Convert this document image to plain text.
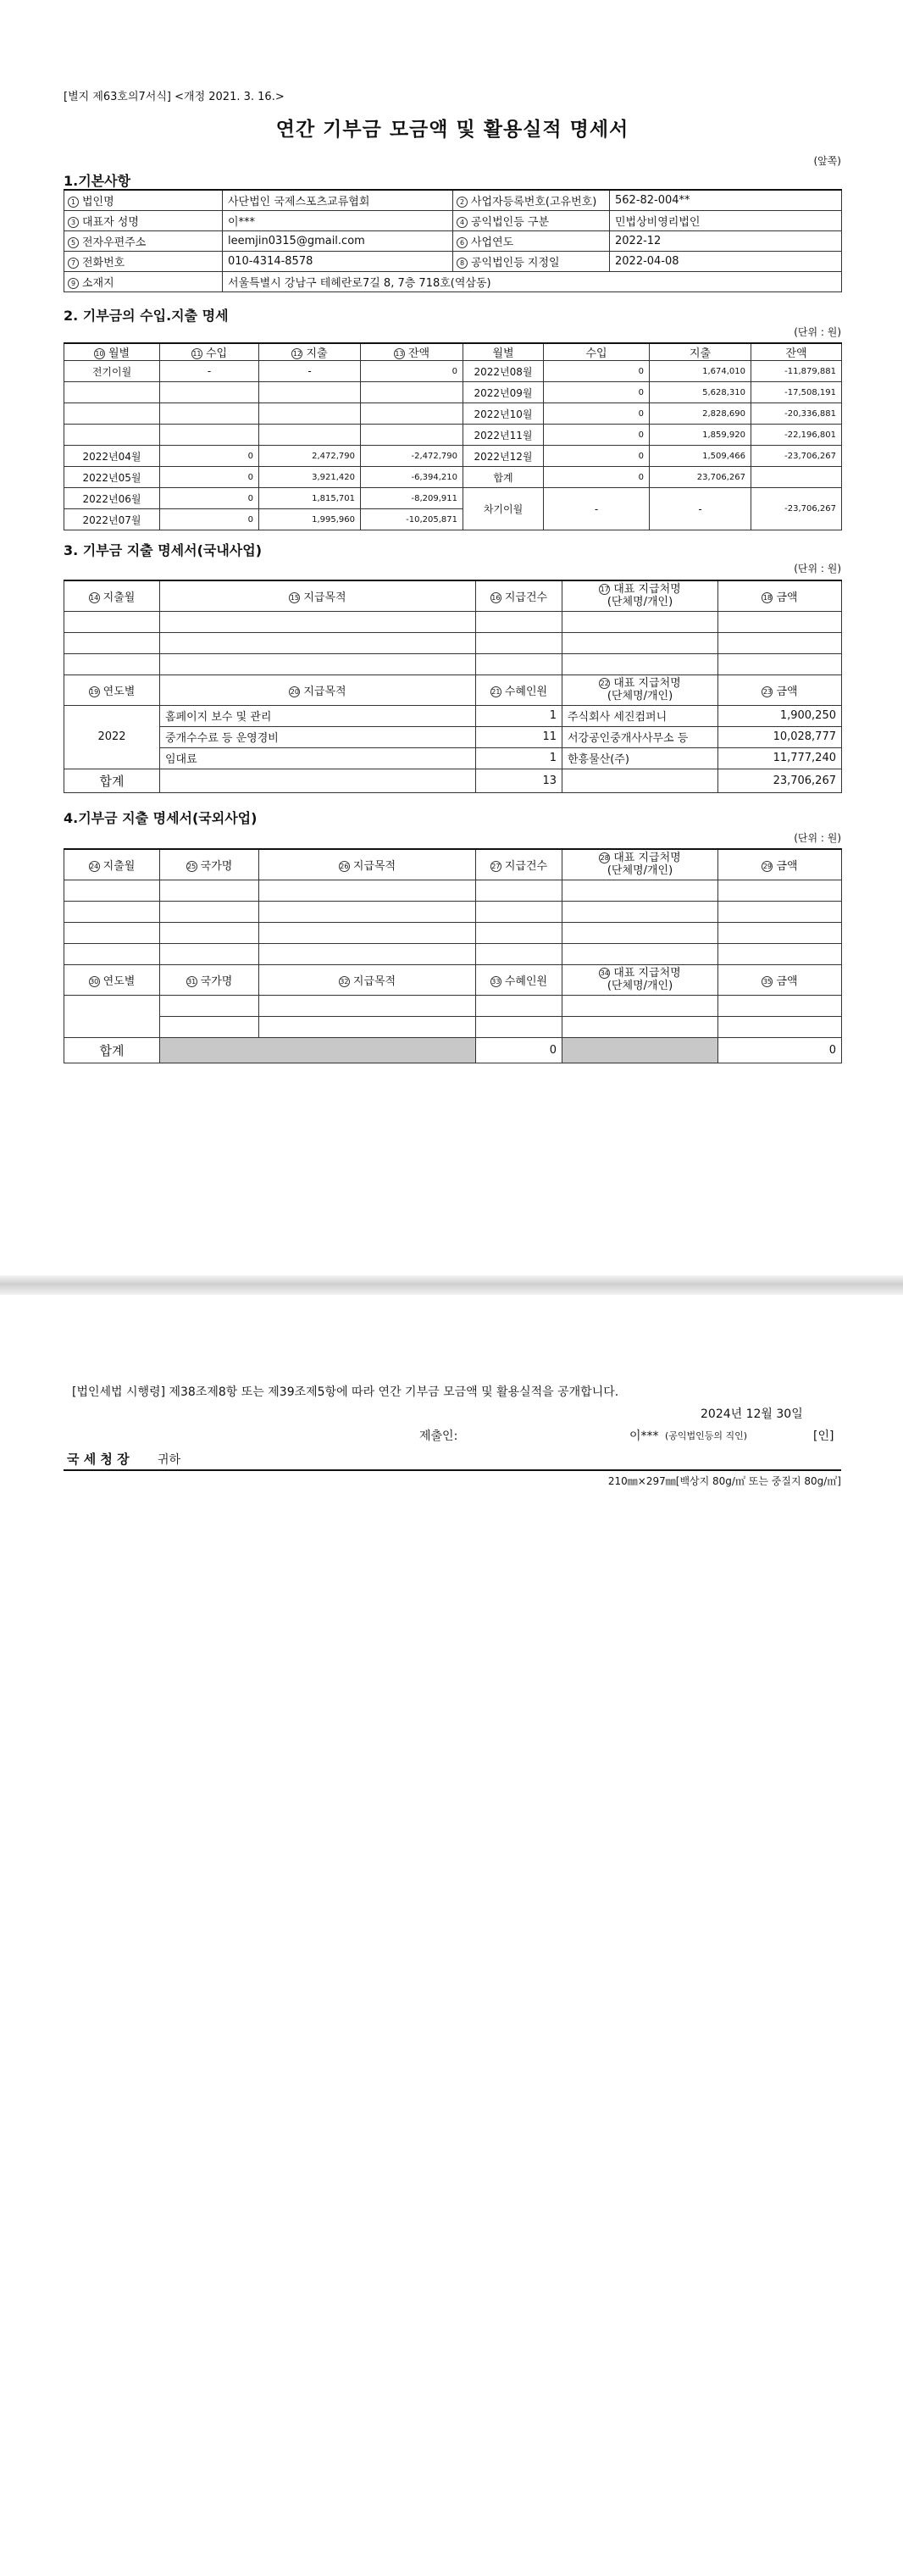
[별지 제63호의7서식] <개정 2021. 3. 16.>
연간 기부금 모금액 및 활용실적 명세서
(앞쪽)
1.기본사항
1 법인명	사단법인 국제스포츠교류협회	2 사업자등록번호(고유번호)	562-82-004**
3 대표자 성명	이***	4 공익법인등 구분	민법상비영리법인
5 전자우편주소	leemjin0315@gmail.com	6 사업연도	2022-12
7 전화번호	010-4314-8578	8 공익법인등 지정일	2022-04-08
9 소재지	서울특별시 강남구 테헤란로7길 8, 7층 718호(역삼동)		
2. 기부금의 수입.지출 명세
(단위 : 원)
10 월별	11 수입	12 지출	13 잔액	월별	수입	지출	잔액
전기이월	-	-	0	2022년08월	0	1,674,010	-11,879,881
				2022년09월	0	5,628,310	-17,508,191
				2022년10월	0	2,828,690	-20,336,881
				2022년11월	0	1,859,920	-22,196,801
2022년04월	0	2,472,790	-2,472,790	2022년12월	0	1,509,466	-23,706,267
2022년05월	0	3,921,420	-6,394,210	합계	0	23,706,267	
2022년06월	0	1,815,701	-8,209,911	차기이월	-	-	-23,706,267
2022년07월	0	1,995,960	-10,205,871				
3. 기부금 지출 명세서(국내사업)
(단위 : 원)
14 지출월	15 지급목적	16 지급건수	17 대표 지급처명
(단체명/개인)	18 금액

19 연도별	20 지급목적	21 수혜인원	22 대표 지급처명
(단체명/개인)	23 금액
2022	홈페이지 보수 및 관리	1	주식회사 세진컴퍼니	1,900,250
	중개수수료 등 운영경비	11	서강공인중개사사무소 등	10,028,777
	임대료	1	한흥물산(주)	11,777,240
합계		13		23,706,267
4.기부금 지출 명세서(국외사업)
(단위 : 원)
24 지출월	25 국가명	26 지급목적	27 지급건수	28 대표 지급처명
(단체명/개인)	29 금액

30 연도별	31 국가명	32 지급목적	33 수혜인원	34 대표 지급처명
(단체명/개인)	35 금액

합계			0		0
[법인세법 시행령] 제38조제8항 또는 제39조제5항에 따라 연간 기부금 모금액 및 활용실적을 공개합니다.
2024년 12월 30일
제출인:	이*** (공익법인등의 직인)	[인]
국 세 청 장 귀하
210㎜×297㎜[백상지 80g/㎡ 또는 중질지 80g/㎡]
